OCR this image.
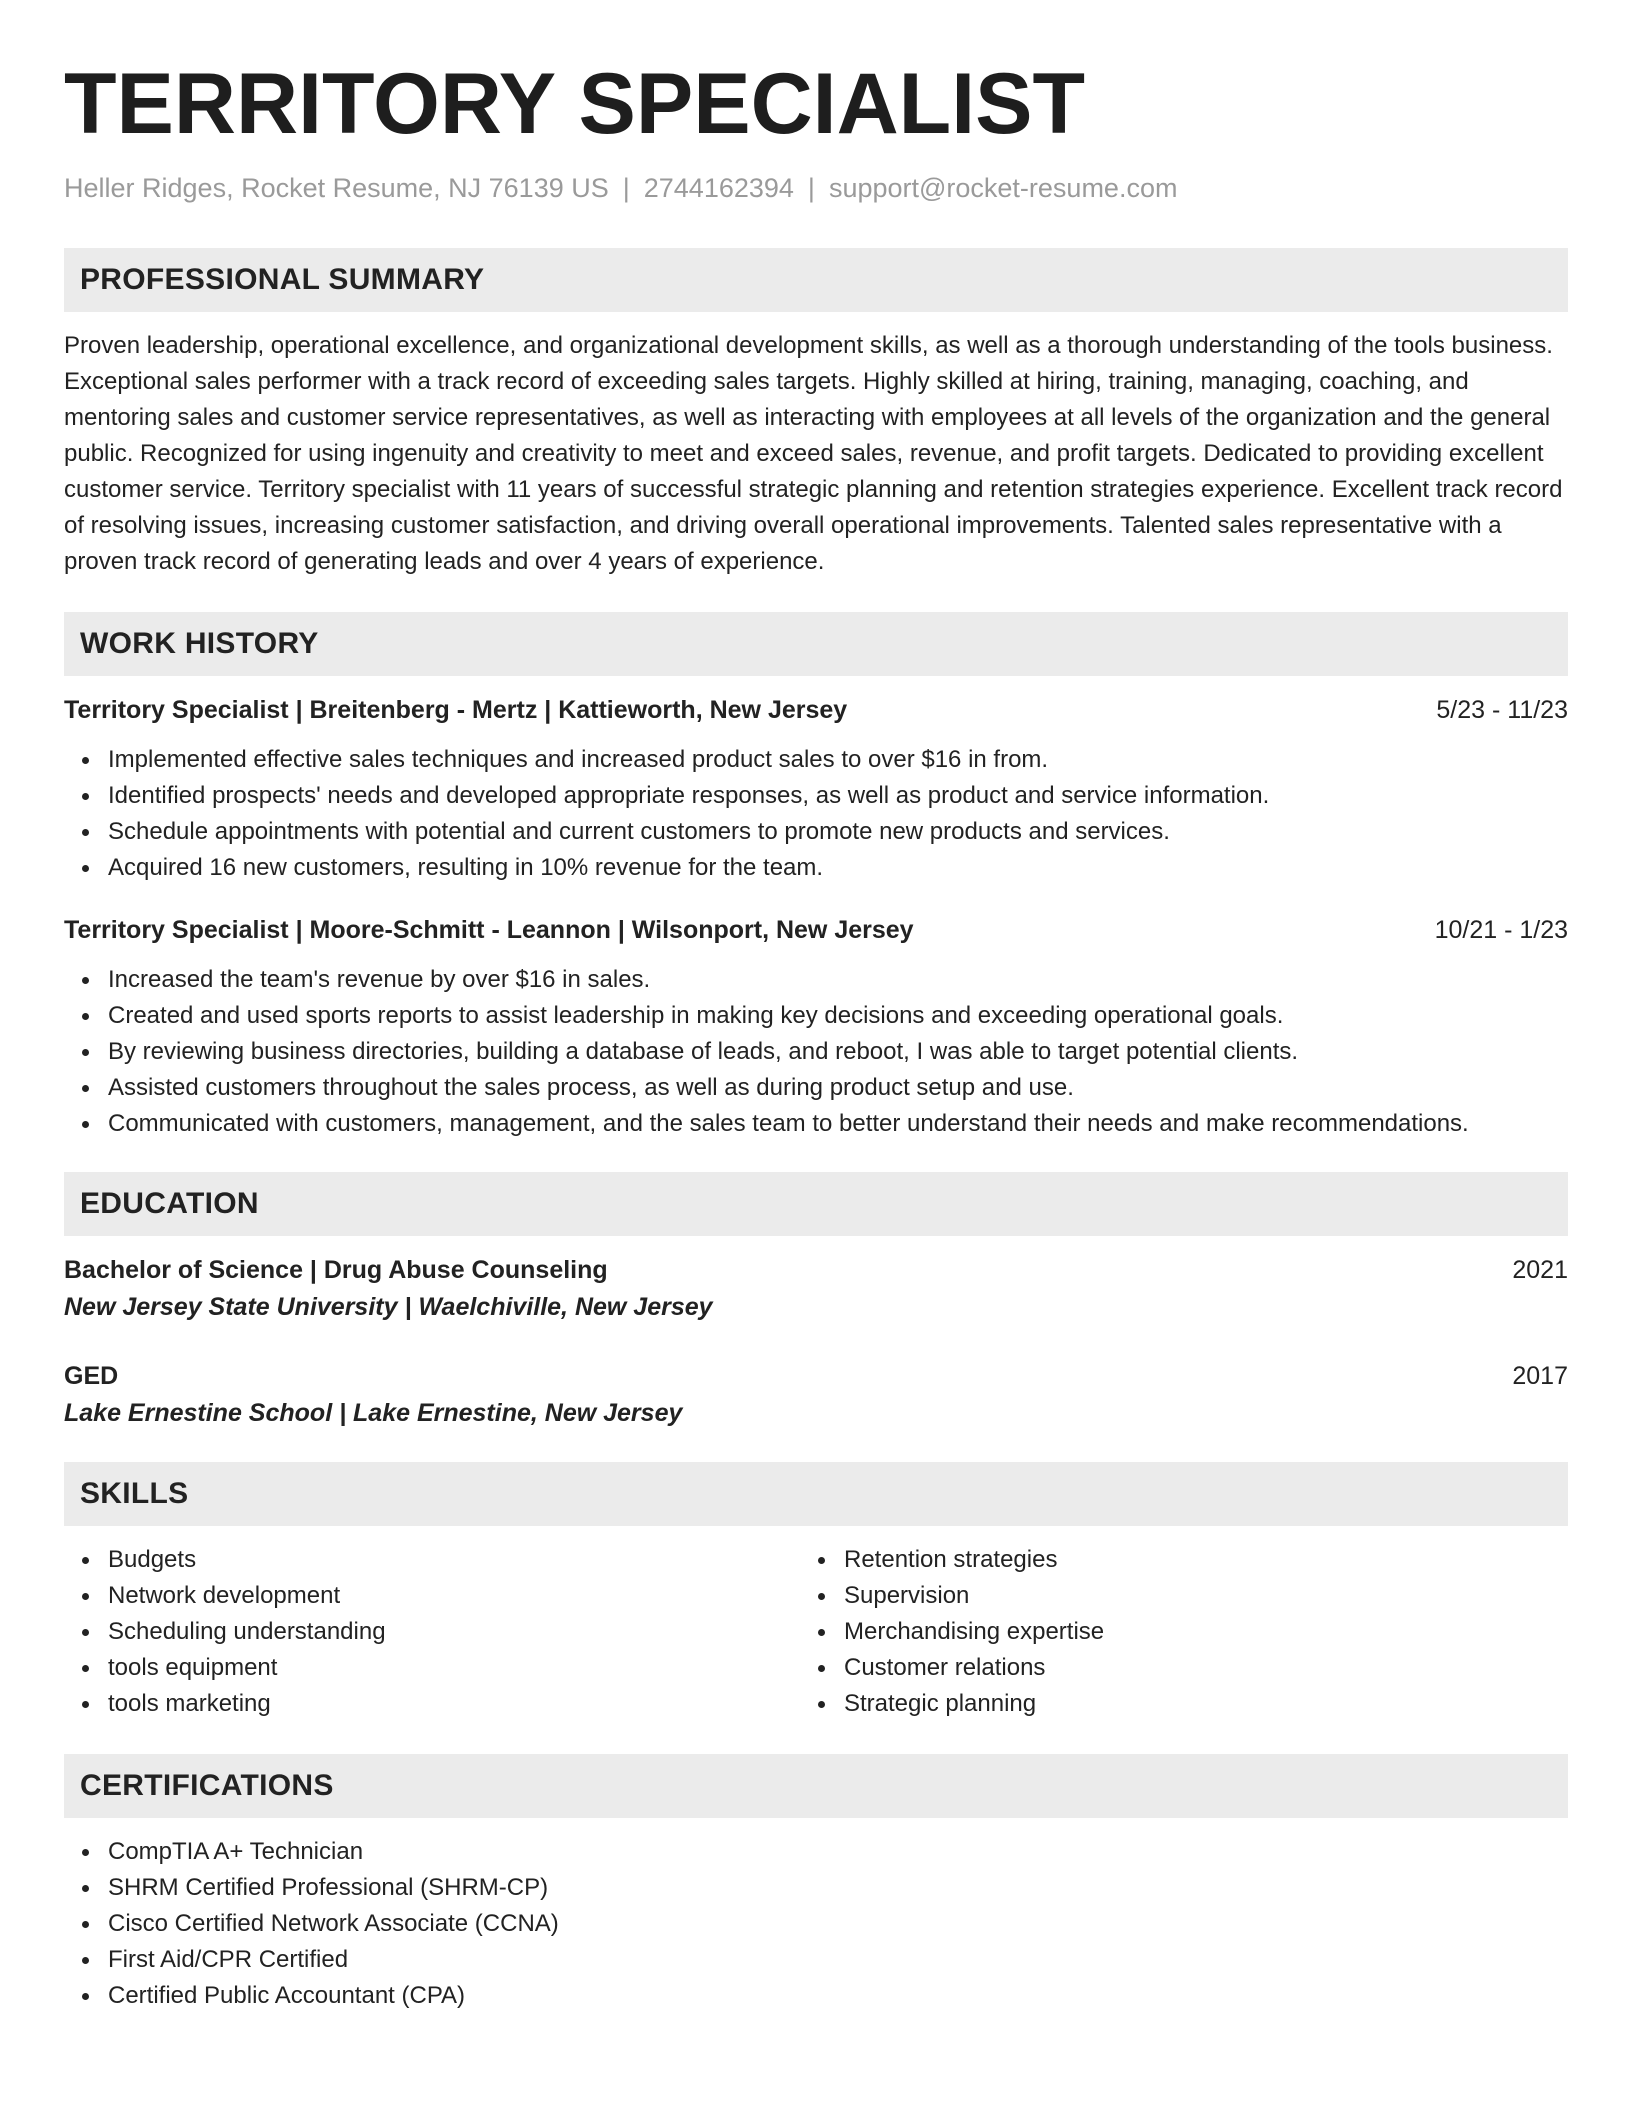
TERRITORY SPECIALIST
Heller Ridges, Rocket Resume, NJ 76139 US | 2744162394 | support@rocket-resume.com
PROFESSIONAL SUMMARY
Proven leadership, operational excellence, and organizational development skills, as well as a thorough understanding of the tools business. Exceptional sales performer with a track record of exceeding sales targets. Highly skilled at hiring, training, managing, coaching, and mentoring sales and customer service representatives, as well as interacting with employees at all levels of the organization and the general public. Recognized for using ingenuity and creativity to meet and exceed sales, revenue, and profit targets. Dedicated to providing excellent customer service. Territory specialist with 11 years of successful strategic planning and retention strategies experience. Excellent track record of resolving issues, increasing customer satisfaction, and driving overall operational improvements. Talented sales representative with a proven track record of generating leads and over 4 years of experience.
WORK HISTORY
Territory Specialist | Breitenberg - Mertz | Kattieworth, New Jersey	5/23 - 11/23
Implemented effective sales techniques and increased product sales to over $16 in from.
Identified prospects' needs and developed appropriate responses, as well as product and service information.
Schedule appointments with potential and current customers to promote new products and services.
Acquired 16 new customers, resulting in 10% revenue for the team.
Territory Specialist | Moore-Schmitt - Leannon | Wilsonport, New Jersey	10/21 - 1/23
Increased the team's revenue by over $16 in sales.
Created and used sports reports to assist leadership in making key decisions and exceeding operational goals.
By reviewing business directories, building a database of leads, and reboot, I was able to target potential clients.
Assisted customers throughout the sales process, as well as during product setup and use.
Communicated with customers, management, and the sales team to better understand their needs and make recommendations.
EDUCATION
Bachelor of Science | Drug Abuse Counseling	2021
New Jersey State University | Waelchiville, New Jersey
GED	2017
Lake Ernestine School | Lake Ernestine, New Jersey
SKILLS
Budgets
Network development
Scheduling understanding
tools equipment
tools marketing
Retention strategies
Supervision
Merchandising expertise
Customer relations
Strategic planning
CERTIFICATIONS
CompTIA A+ Technician
SHRM Certified Professional (SHRM-CP)
Cisco Certified Network Associate (CCNA)
First Aid/CPR Certified
Certified Public Accountant (CPA)
